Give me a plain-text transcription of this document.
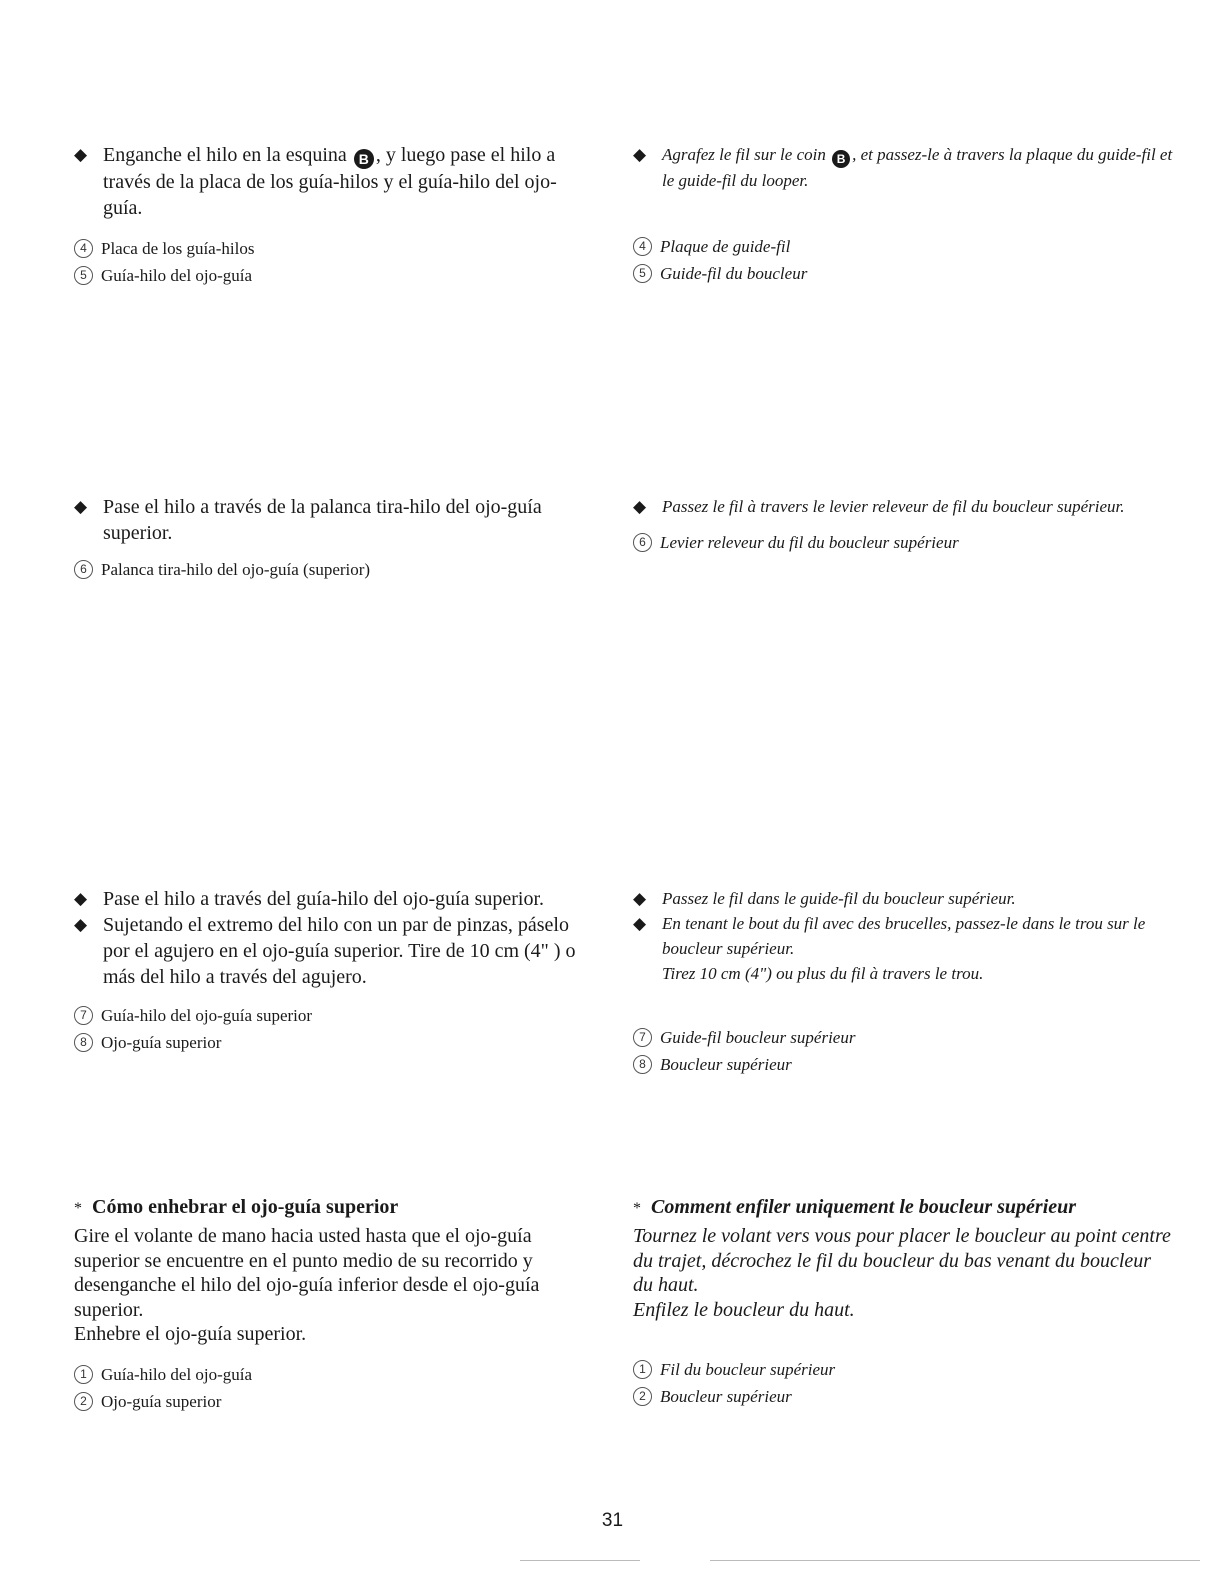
◆ Enganche el hilo en la esquina B , y luego pase el hilo a través de la placa de los guía-hilos y el guía-hilo del ojo-guía.
4 Placa de los guía-hilos
5 Guía-hilo del ojo-guía
◆ Agrafez le fil sur le coin B , et passez-le à travers la plaque du guide-fil et le guide-fil du looper.
4 Plaque de guide-fil
5 Guide-fil du boucleur
◆ Pase el hilo a través de la palanca tira-hilo del ojo-guía superior.
6 Palanca tira-hilo del ojo-guía (superior)
◆ Passez le fil à travers le levier releveur de fil du boucleur supérieur.
6 Levier releveur du fil du boucleur supérieur
◆ Pase el hilo a través del guía-hilo del ojo-guía superior.
◆ Sujetando el extremo del hilo con un par de pinzas, páselo por el agujero en el ojo-guía superior. Tire de 10 cm (4" ) o más del hilo a través del agujero.
7 Guía-hilo del ojo-guía superior
8 Ojo-guía superior
◆ Passez le fil dans le guide-fil du boucleur supérieur.
◆ En tenant le bout du fil avec des brucelles, passez-le dans le trou sur le boucleur supérieur.
Tirez 10 cm (4") ou plus du fil à travers le trou.
7 Guide-fil boucleur supérieur
8 Boucleur supérieur
* Cómo enhebrar el ojo-guía superior

Gire el volante de mano hacia usted hasta que el ojo-guía superior se encuentre en el punto medio de su recorrido y desenganche el hilo del ojo-guía inferior desde el ojo-guía superior.

Enhebre el ojo-guía superior.

1 Guía-hilo del ojo-guía
2 Ojo-guía superior
* Comment enfiler uniquement le boucleur supérieur

Tournez le volant vers vous pour placer le boucleur au point centre du trajet, décrochez le fil du boucleur du bas venant du boucleur du haut.

Enfilez le boucleur du haut.

1 Fil du boucleur supérieur
2 Boucleur supérieur
31
